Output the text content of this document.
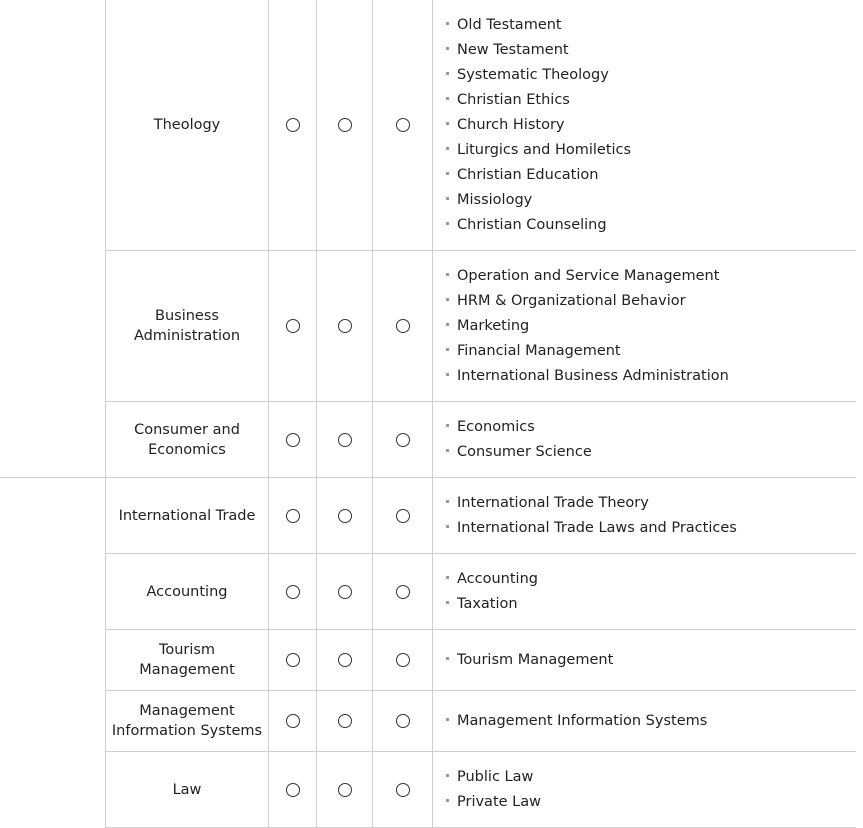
Theology
Old Testament
New Testament
Systematic Theology
Christian Ethics
Church History
Liturgics and Homiletics
Christian Education
Missiology
Christian Counseling
Business
Administration
Operation and Service Management
HRM & Organizational Behavior
Marketing
Financial Management
International Business Administration
Consumer and
Economics
Economics
Consumer Science
International Trade
International Trade Theory
International Trade Laws and Practices
Accounting
Accounting
Taxation
Tourism
Management
Tourism Management
Management
Information Systems
Management Information Systems
Law
Public Law
Private Law
